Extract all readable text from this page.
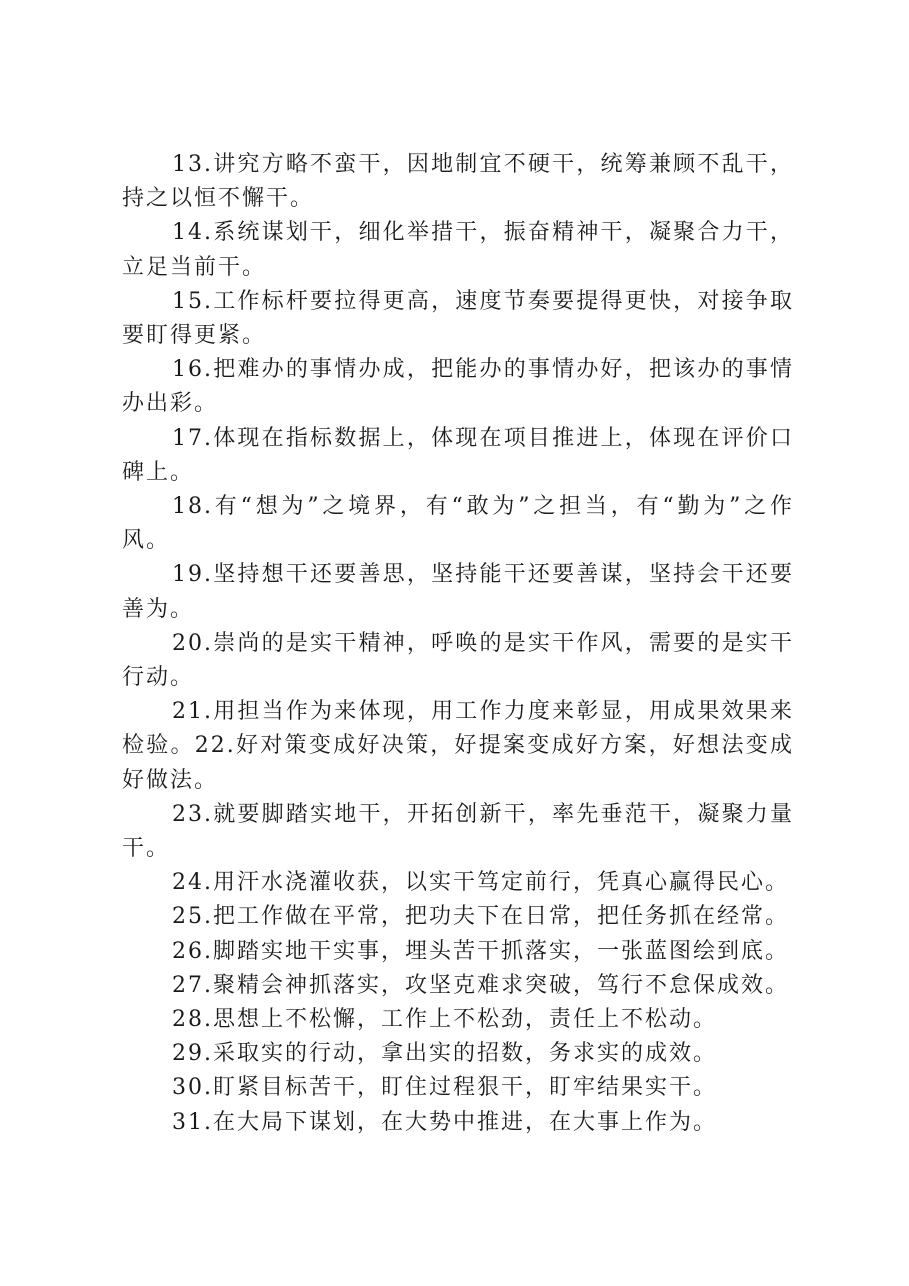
13.讲究方略不蛮干，因地制宜不硬干，统筹兼顾不乱干，持之以恒不懈干。

14.系统谋划干，细化举措干，振奋精神干，凝聚合力干，立足当前干。

15.工作标杆要拉得更高，速度节奏要提得更快，对接争取要盯得更紧。

16.把难办的事情办成，把能办的事情办好，把该办的事情办出彩。

17.体现在指标数据上，体现在项目推进上，体现在评价口碑上。

18.有“想为”之境界，有“敢为”之担当，有“勤为”之作风。

19.坚持想干还要善思，坚持能干还要善谋，坚持会干还要善为。

20.崇尚的是实干精神，呼唤的是实干作风，需要的是实干行动。

21.用担当作为来体现，用工作力度来彰显，用成果效果来检验。22.好对策变成好决策，好提案变成好方案，好想法变成好做法。

23.就要脚踏实地干，开拓创新干，率先垂范干，凝聚力量干。

24.用汗水浇灌收获，以实干笃定前行，凭真心赢得民心。

25.把工作做在平常，把功夫下在日常，把任务抓在经常。

26.脚踏实地干实事，埋头苦干抓落实，一张蓝图绘到底。

27.聚精会神抓落实，攻坚克难求突破，笃行不怠保成效。

28.思想上不松懈，工作上不松劲，责任上不松动。

29.采取实的行动，拿出实的招数，务求实的成效。

30.盯紧目标苦干，盯住过程狠干，盯牢结果实干。

31.在大局下谋划，在大势中推进，在大事上作为。
